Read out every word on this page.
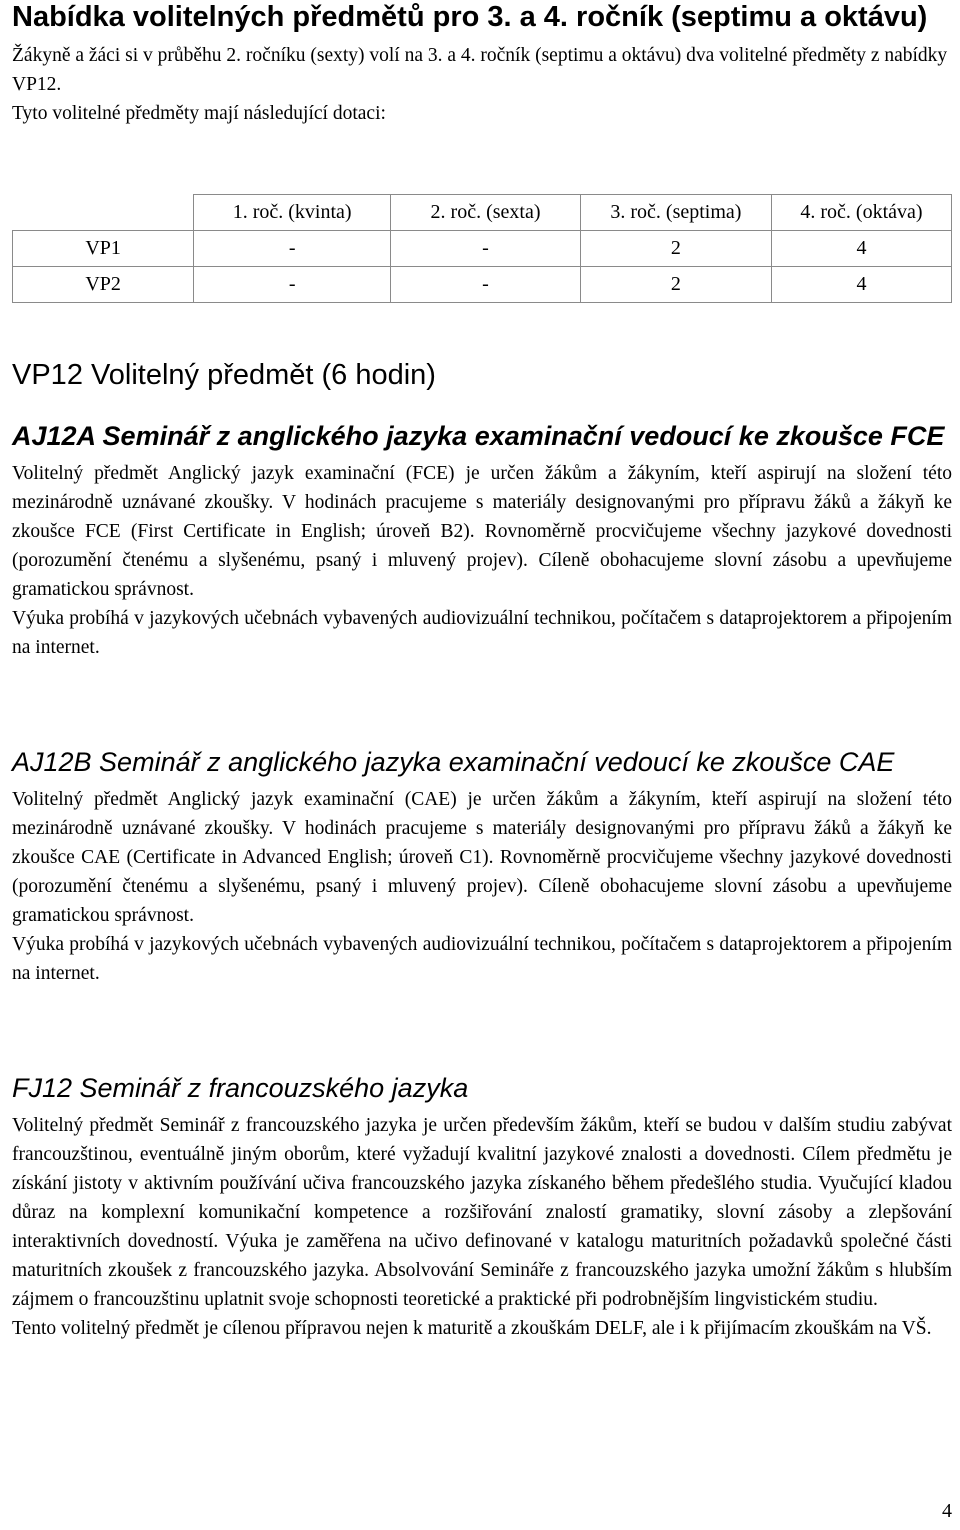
Nabídka volitelných předmětů pro 3. a 4. ročník (septimu a oktávu)

Žákyně a žáci si v průběhu 2. ročníku (sexty) volí na 3. a 4. ročník (septimu a oktávu) dva volitelné předměty z nabídky VP12.
Tyto volitelné předměty mají následující dotaci:

	1. roč. (kvinta)	2. roč. (sexta)	3. roč. (septima)	4. roč. (oktáva)
VP1	-	-	2	4
VP2	-	-	2	4
VP12 Volitelný předmět (6 hodin)
AJ12A Seminář z anglického jazyka examinační vedoucí ke zkoušce FCE

Volitelný předmět Anglický jazyk examinační (FCE) je určen žákům a žákyním, kteří aspirují na složení této mezinárodně uznávané zkoušky. V hodinách pracujeme s materiály designovanými pro přípravu žáků a žákyň ke zkoušce FCE (First Certificate in English; úroveň B2). Rovnoměrně procvičujeme všechny jazykové dovednosti (porozumění čtenému a slyšenému, psaný i mluvený projev). Cíleně obohacujeme slovní zásobu a upevňujeme gramatickou správnost.

Výuka probíhá v jazykových učebnách vybavených audiovizuální technikou, počítačem s dataprojektorem a připojením na internet.

AJ12B Seminář z anglického jazyka examinační vedoucí ke zkoušce CAE

Volitelný předmět Anglický jazyk examinační (CAE) je určen žákům a žákyním, kteří aspirují na složení této mezinárodně uznávané zkoušky. V hodinách pracujeme s materiály designovanými pro přípravu žáků a žákyň ke zkoušce CAE (Certificate in Advanced English; úroveň C1). Rovnoměrně procvičujeme všechny jazykové dovednosti (porozumění čtenému a slyšenému, psaný i mluvený projev). Cíleně obohacujeme slovní zásobu a upevňujeme gramatickou správnost.

Výuka probíhá v jazykových učebnách vybavených audiovizuální technikou, počítačem s dataprojektorem a připojením na internet.

FJ12 Seminář z francouzského jazyka

Volitelný předmět Seminář z francouzského jazyka je určen především žákům, kteří se budou v dalším studiu zabývat francouzštinou, eventuálně jiným oborům, které vyžadují kvalitní jazykové znalosti a dovednosti. Cílem předmětu je získání jistoty v aktivním používání učiva francouzského jazyka získaného během předešlého studia. Vyučující kladou důraz na komplexní komunikační kompetence a rozšiřování znalostí gramatiky, slovní zásoby a zlepšování interaktivních dovedností. Výuka je zaměřena na učivo definované v katalogu maturitních požadavků společné části maturitních zkoušek z francouzského jazyka. Absolvování Semináře z francouzského jazyka umožní žákům s hlubším zájmem o francouzštinu uplatnit svoje schopnosti teoretické a praktické při podrobnějším lingvistickém studiu.

Tento volitelný předmět je cílenou přípravou nejen k maturitě a zkouškám DELF, ale i k přijímacím zkouškám na VŠ.

4
